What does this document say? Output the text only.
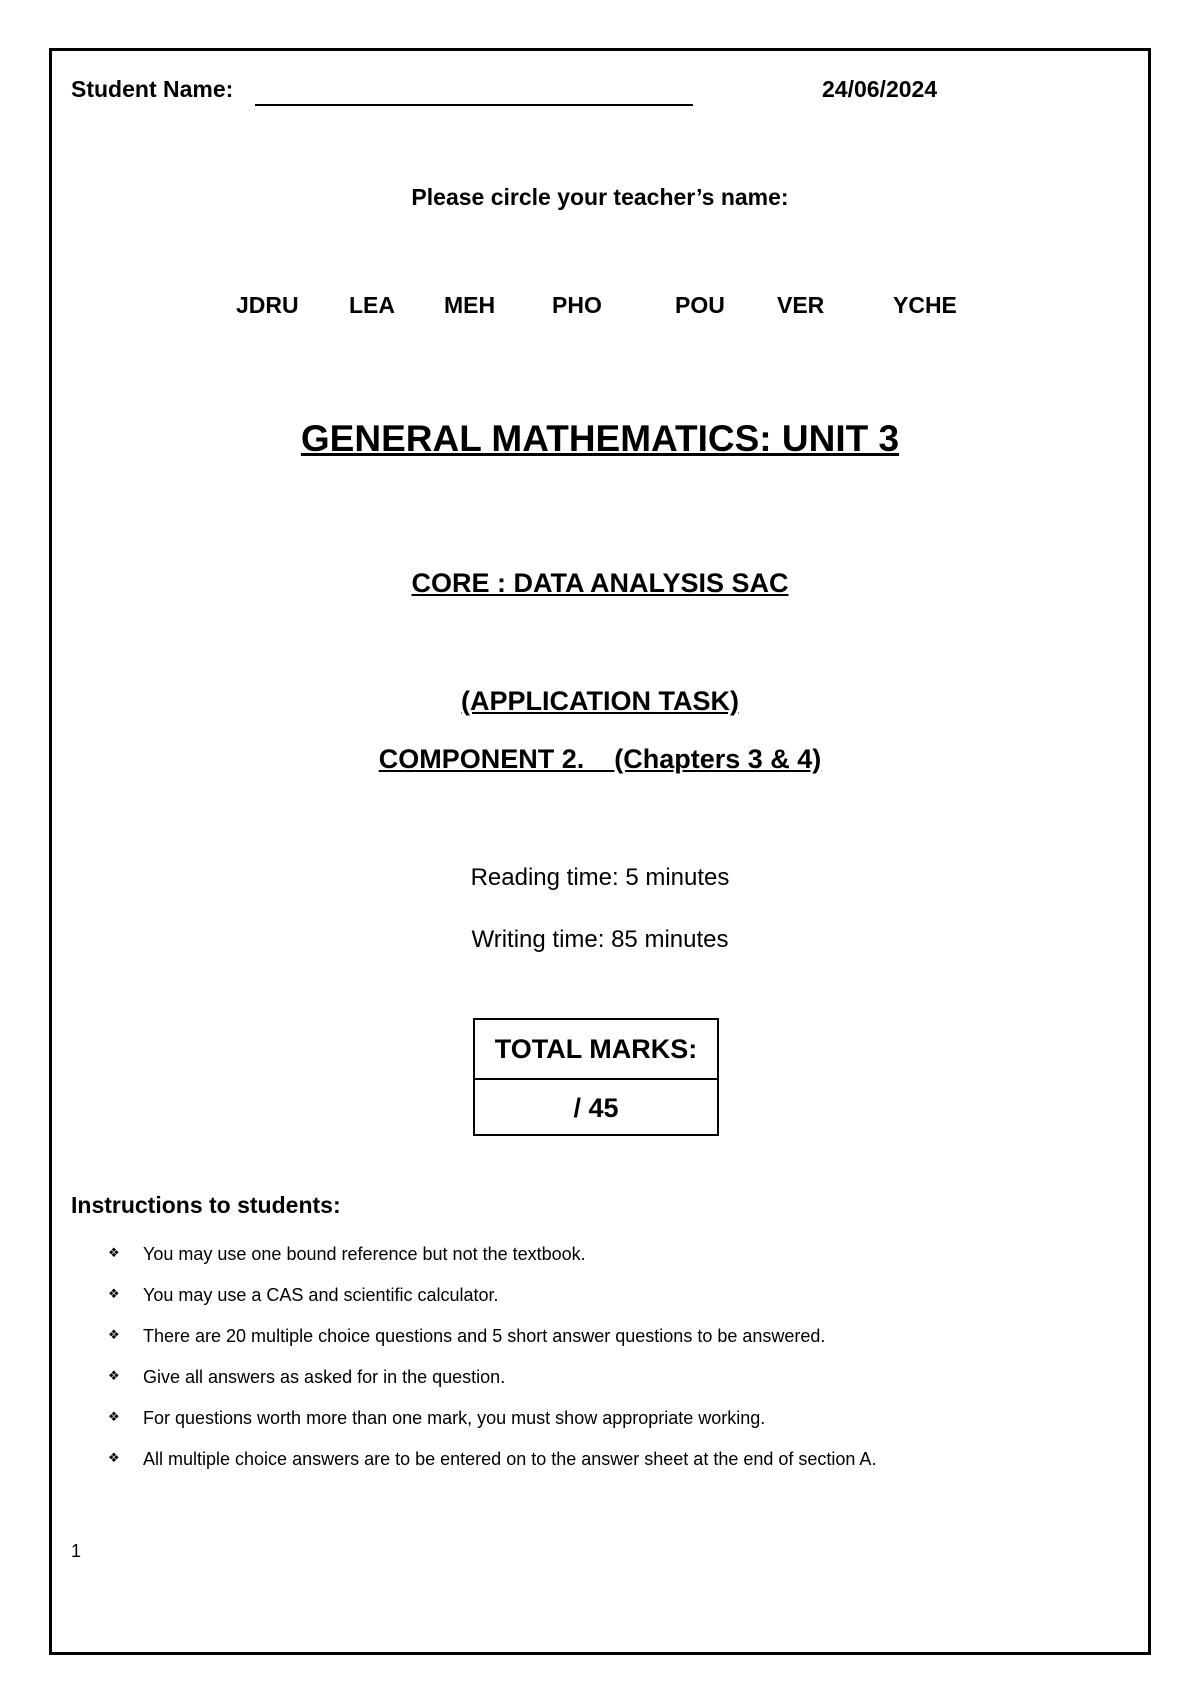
Student Name:	24/06/2024
Please circle your teacher’s name:
JDRU LEA MEH PHO	POU VER	YCHE
GENERAL MATHEMATICS: UNIT 3
CORE : DATA ANALYSIS SAC
(APPLICATION TASK)
COMPONENT 2.    (Chapters 3 & 4)
Reading time: 5 minutes
Writing time: 85 minutes
TOTAL MARKS:
/ 45
Instructions to students:
❖ You may use one bound reference but not the textbook.
❖ You may use a CAS and scientific calculator.
❖ There are 20 multiple choice questions and 5 short answer questions to be answered.
❖ Give all answers as asked for in the question.
❖ For questions worth more than one mark, you must show appropriate working.
❖ All multiple choice answers are to be entered on to the answer sheet at the end of section A.
1
